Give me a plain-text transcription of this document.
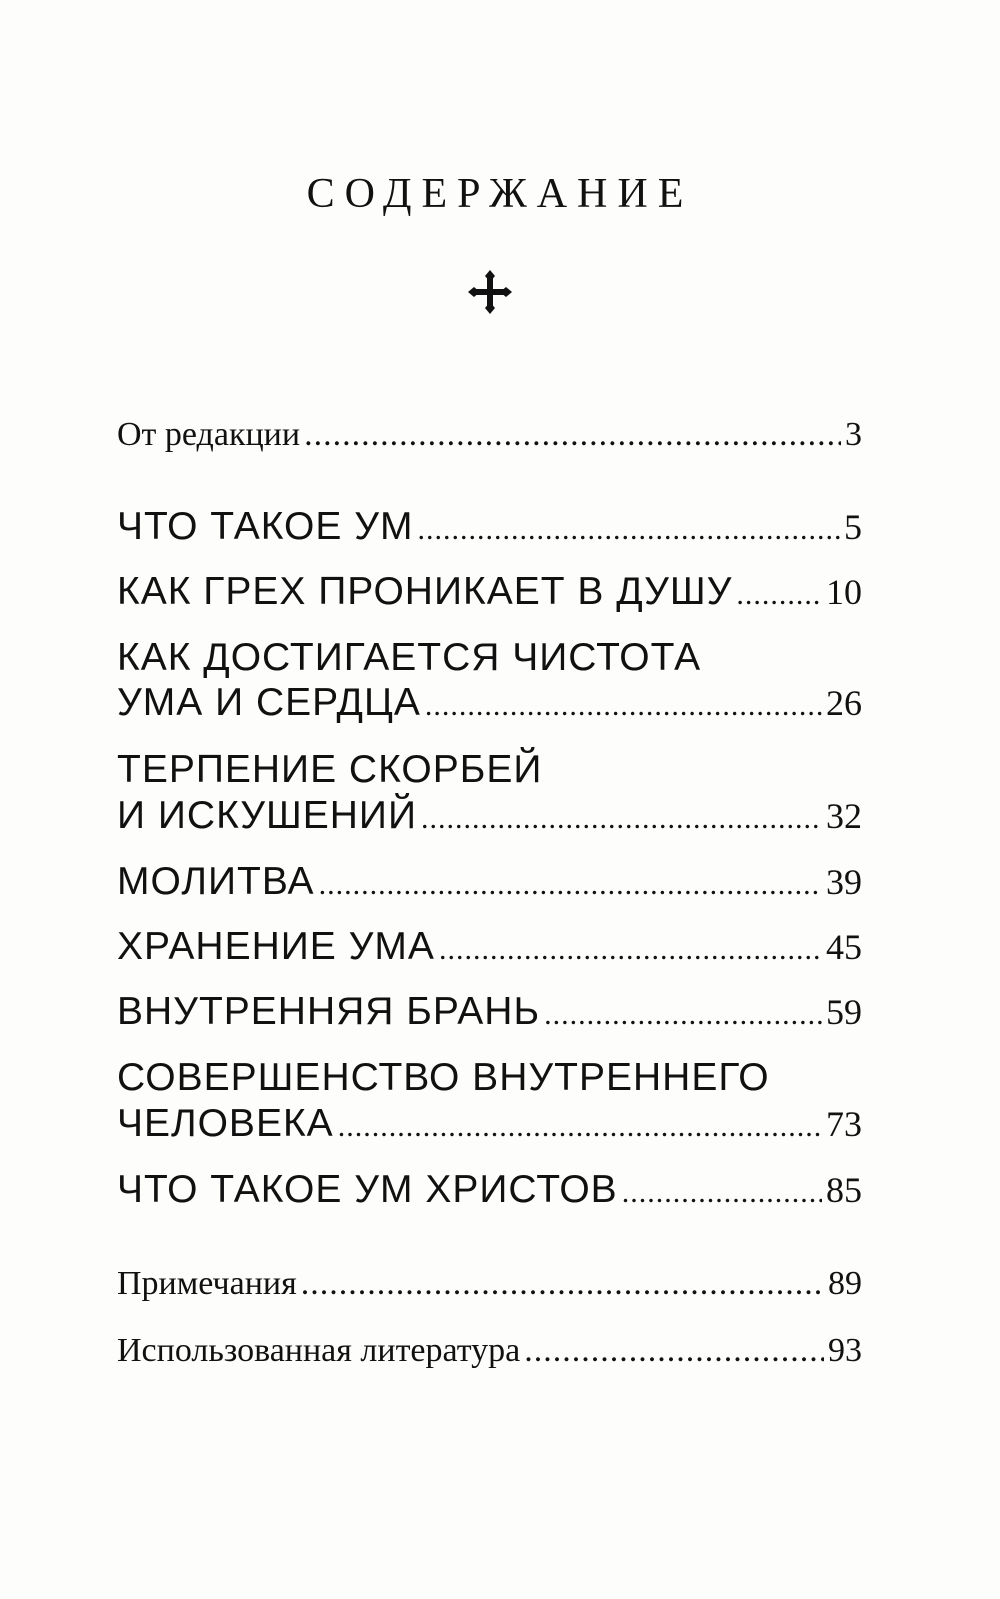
СОДЕРЖАНИЕ
От редакции .....	3
ЧТО ТАКОЕ УМ .....	5
КАК ГРЕХ ПРОНИКАЕТ В ДУШУ .....	10
КАК ДОСТИГАЕТСЯ ЧИСТОТА
УМА И СЕРДЦА .....	26
ТЕРПЕНИЕ СКОРБЕЙ
И ИСКУШЕНИЙ .....	32
МОЛИТВА .....	39
ХРАНЕНИЕ УМА .....	45
ВНУТРЕННЯЯ БРАНЬ .....	59
СОВЕРШЕНСТВО ВНУТРЕННЕГО
ЧЕЛОВЕКА .....	73
ЧТО ТАКОЕ УМ ХРИСТОВ .....	85
Примечания .....	89
Использованная литература .....	93
